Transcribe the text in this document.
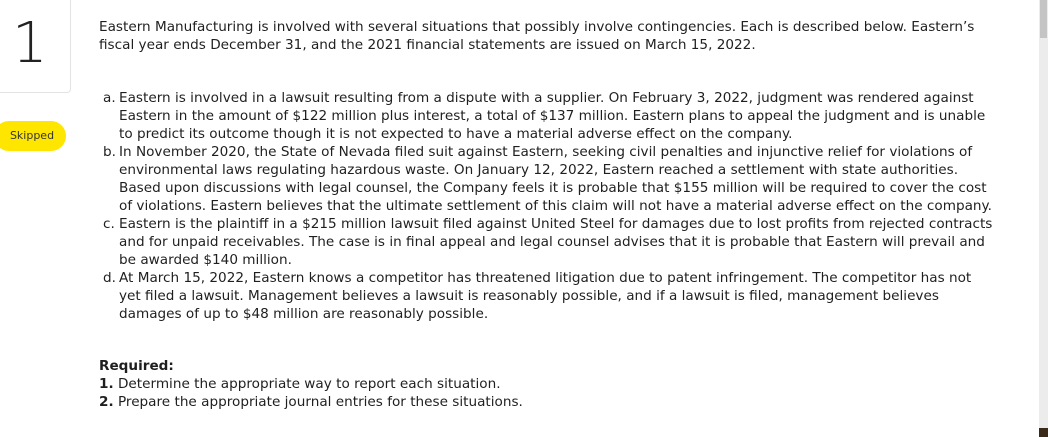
1
Skipped

Eastern Manufacturing is involved with several situations that possibly involve contingencies. Each is described below. Eastern’s fiscal year ends December 31, and the 2021 financial statements are issued on March 15, 2022.

a. Eastern is involved in a lawsuit resulting from a dispute with a supplier. On February 3, 2022, judgment was rendered against Eastern in the amount of $122 million plus interest, a total of $137 million. Eastern plans to appeal the judgment and is unable to predict its outcome though it is not expected to have a material adverse effect on the company.
b. In November 2020, the State of Nevada filed suit against Eastern, seeking civil penalties and injunctive relief for violations of environmental laws regulating hazardous waste. On January 12, 2022, Eastern reached a settlement with state authorities. Based upon discussions with legal counsel, the Company feels it is probable that $155 million will be required to cover the cost of violations. Eastern believes that the ultimate settlement of this claim will not have a material adverse effect on the company.
c. Eastern is the plaintiff in a $215 million lawsuit filed against United Steel for damages due to lost profits from rejected contracts and for unpaid receivables. The case is in final appeal and legal counsel advises that it is probable that Eastern will prevail and be awarded $140 million.
d. At March 15, 2022, Eastern knows a competitor has threatened litigation due to patent infringement. The competitor has not yet filed a lawsuit. Management believes a lawsuit is reasonably possible, and if a lawsuit is filed, management believes damages of up to $48 million are reasonably possible.
Required:
1. Determine the appropriate way to report each situation.
2. Prepare the appropriate journal entries for these situations.
